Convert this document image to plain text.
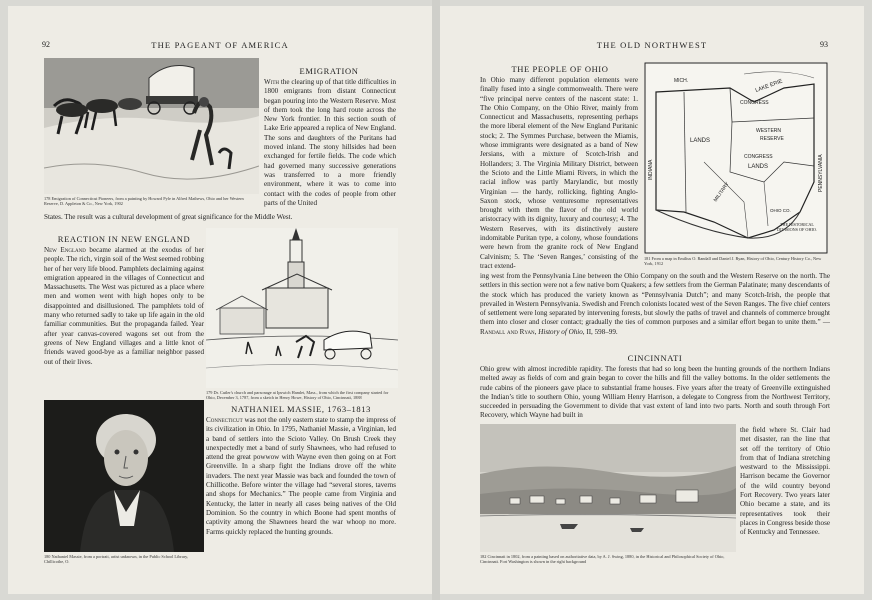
92	THE PAGEANT OF AMERICA
178 Emigration of Connecticut Pioneers, from a painting by Howard Pyle in Alfred Mathews, Ohio and her Western Reserve, D. Appleton & Co., New York, 1902
EMIGRATION
With the clearing up of that title difficulties in 1800 emigrants from distant Connecticut began pouring into the Western Reserve. Most of them took the long hard route across the New York frontier. In this section south of Lake Erie appeared a replica of New England. The sons and daughters of the Puritans had moved inland. The stony hillsides had been exchanged for fertile fields. The code which had governed many successive generations was transferred to a more friendly environment, where it was to come into contact with the codes of people from other parts of the United
States. The result was a cultural development of great significance for the Middle West.
REACTION IN NEW ENGLAND
New England became alarmed at the exodus of her people. The rich, virgin soil of the West seemed robbing her of her very life blood. Pamphlets declaiming against emigration appeared in the villages of Connecticut and Massachusetts. The West was pictured as a place where men and women went with high hopes only to be disappointed and disillusioned. The pamphlets told of many who returned sadly to take up life again in the old familiar communities. But the propaganda failed. Year after year canvas-covered wagons set out from the greens of New England villages and a little knot of friends waved good-bye as a familiar neighbor passed out of their lives.
179 Dr. Cutler's church and parsonage at Ipswich Hamlet, Mass., from which the first company started for Ohio, December 3, 1787, from a sketch in Henry Howe, History of Ohio, Cincinnati, 1888
180 Nathaniel Massie, from a portrait, artist unknown, in the Public School Library, Chillicothe, O.
NATHANIEL MASSIE, 1763–1813
Connecticut was not the only eastern state to stamp the impress of its civilization in Ohio. In 1795, Nathaniel Massie, a Virginian, led a band of settlers into the Scioto Valley. On Brush Creek they unexpectedly met a band of surly Shawnees, who had refused to attend the great powwow with Wayne even then going on at Fort Greenville. In a sharp fight the Indians drove off the white invaders. The next year Massie was back and founded the town of Chillicothe. Before winter the village had “several stores, taverns and shops for Mechanics.” The people came from Virginia and Kentucky, the latter in nearly all cases being natives of the Old Dominion. So the country in which Boone had spent months of captivity among the Shawnees heard the war whoop no more. Farms quickly replaced the hunting grounds.
THE OLD NORTHWEST	93
THE PEOPLE OF OHIO
In Ohio many different population elements were finally fused into a single commonwealth. There were “five principal nerve centers of the nascent state: 1. The Ohio Company, on the Ohio River, mainly from Connecticut and Massachusetts, representing perhaps the more liberal element of the New England Puritanic stock; 2. The Symmes Purchase, between the Miamis, whose immigrants were designated as a band of New Jersians, with a mixture of Scotch-Irish and Hollanders; 3. The Virginia Military District, between the Scioto and the Little Miami Rivers, in which the racial inflow was partly Marylandic, but mostly Virginian — the hardy, rollicking, fighting Anglo-Saxon stock, whose venturesome representatives brought with them the flavor of the old world aristocracy with its dignity, luxury and courtesy; 4. The Western Reserves, with its distinctively austere indomitable Puritan type, a colony, whose foundations were hewn from the granite rock of New England Calvinism; 5. The ‘Seven Ranges,’ consisting of the tract extend-
MICH.	LAKE ERIE
INDIANA	PENNSYLVANIA
CONGRESS
LANDS
WESTERN
RESERVE
CONGRESS
LANDS
MILITARY
OHIO CO.
THE HISTORICAL DIVISIONS OF OHIO.
181 From a map in Emilius O. Randall and Daniel J. Ryan, History of Ohio, Century History Co., New York, 1912
ing west from the Pennsylvania Line between the Ohio Company on the south and the Western Reserve on the north. The settlers in this section were not a few native born Quakers; a few settlers from the German Palatinate; many descendants of the stock which has produced the variety known as “Pennsylvania Dutch”; and many Scotch-Irish, the people that prevailed in Western Pennsylvania. Swedish and French colonists located west of the Seven Ranges. The five chief centers of settlement were long separated by intervening forests, but slowly the paths of travel and channels of commerce brought them into closer and closer contact; gradually the ties of common purposes and a similar effort began to unite them.” — Randall and Ryan, History of Ohio, II, 598–99.
CINCINNATI
Ohio grew with almost incredible rapidity. The forests that had so long been the hunting grounds of the northern Indians melted away as fields of corn and grain began to cover the hills and fill the valley bottoms. In the older settlements the rude cabins of the pioneers gave place to substantial frame houses. Five years after the treaty of Greenville extinguished the Indian’s title to southern Ohio, young William Henry Harrison, a delegate to Congress from the Northwest Territory, succeeded in persuading the Government to divide that vast extent of land into two parts. North and south through Fort Recovery, which Wayne had built in
182 Cincinnati in 1802, from a painting based on authoritative data, by A. J. Swing, 1880, in the Historical and Philosophical Society of Ohio, Cincinnati. Fort Washington is shown in the right background
the field where St. Clair had met disaster, ran the line that set off the territory of Ohio from that of Indiana stretching westward to the Mississippi. Harrison became the Governor of the wild country beyond Fort Recovery. Two years later Ohio became a state, and its representatives took their places in Congress beside those of Kentucky and Tennessee.
